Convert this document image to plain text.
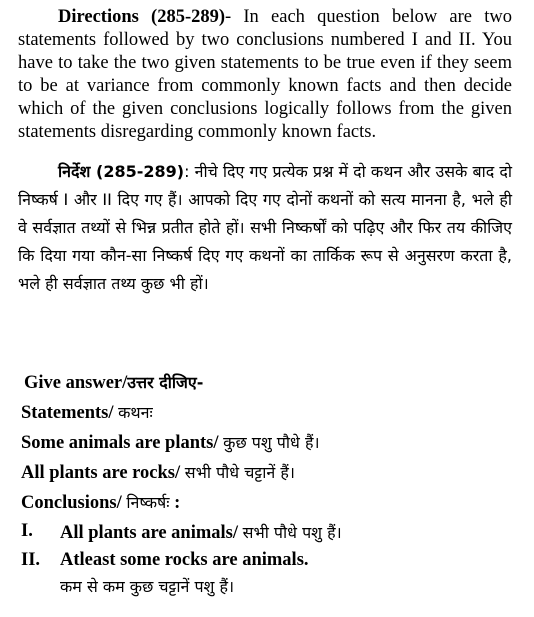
Directions (285-289)- In each question below are two statements followed by two conclusions numbered I and II. You have to take the two given statements to be true even if they seem to be at variance from commonly known facts and then decide which of the given conclusions logically follows from the given statements disregarding commonly known facts.

निर्देश (285-289): नीचे दिए गए प्रत्येक प्रश्न में दो कथन और उसके बाद दो निष्कर्ष I और II दिए गए हैं। आपको दिए गए दोनों कथनों को सत्य मानना है, भले ही वे सर्वज्ञात तथ्यों से भिन्न प्रतीत होते हों। सभी निष्कर्षों को पढ़िए और फिर तय कीजिए कि दिया गया कौन-सा निष्कर्ष दिए गए कथनों का तार्किक रूप से अनुसरण करता है, भले ही सर्वज्ञात तथ्य कुछ भी हों।

Give answer/उत्तर दीजिए-
Statements/ कथनः
Some animals are plants/ कुछ पशु पौधे हैं।
All plants are rocks/ सभी पौधे चट्टानें हैं।
Conclusions/ निष्कर्षः :
I. All plants are animals/ सभी पौधे पशु हैं।
II. Atleast some rocks are animals.
कम से कम कुछ चट्टानें पशु हैं।
